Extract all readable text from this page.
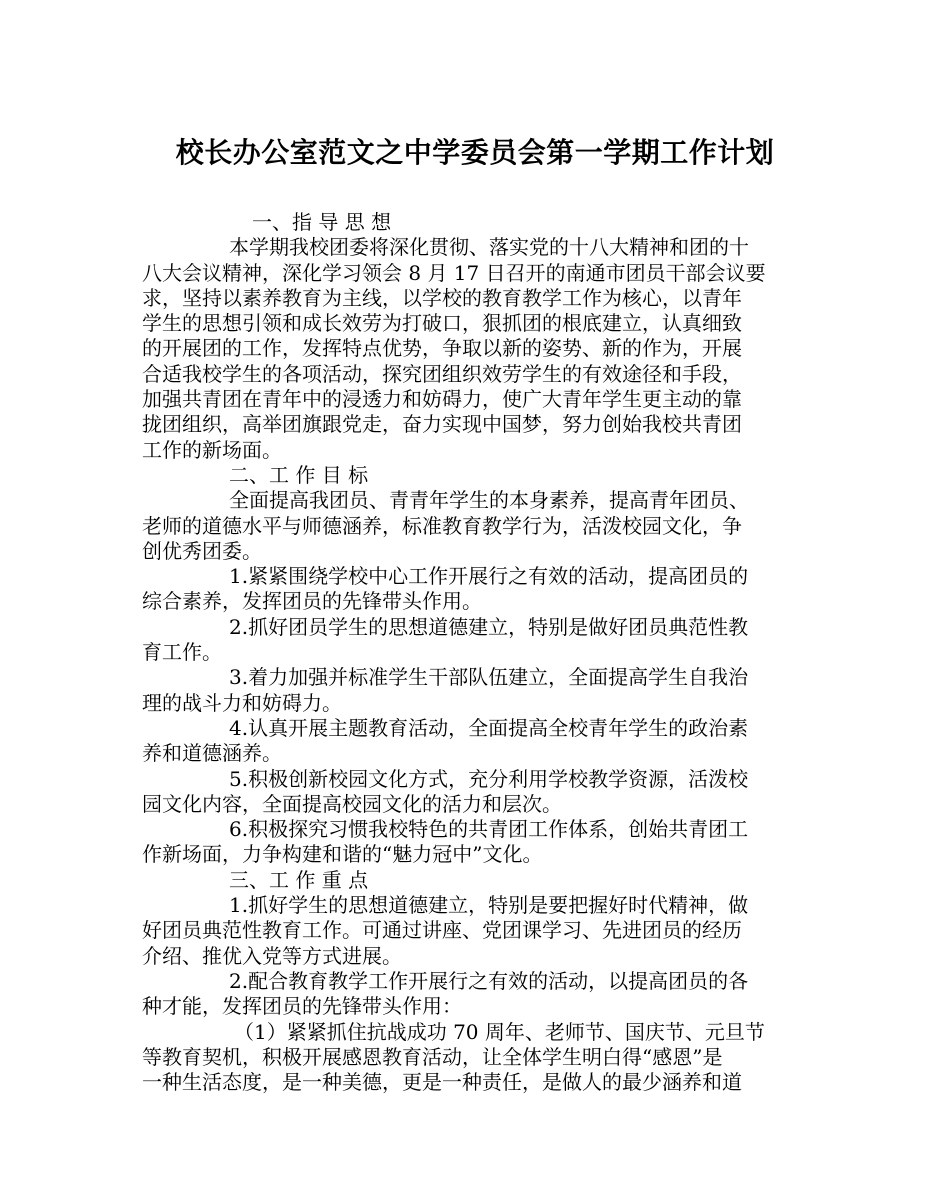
校长办公室范文之中学委员会第一学期工作计划
一、指 导 思 想
本学期我校团委将深化贯彻、落实党的十八大精神和团的十
八大会议精神，深化学习领会 8 月 17 日召开的南通市团员干部会议要
求，坚持以素养教育为主线，以学校的教育教学工作为核心，以青年
学生的思想引领和成长效劳为打破口，狠抓团的根底建立，认真细致
的开展团的工作，发挥特点优势，争取以新的姿势、新的作为，开展
合适我校学生的各项活动，探究团组织效劳学生的有效途径和手段，
加强共青团在青年中的浸透力和妨碍力，使广大青年学生更主动的靠
拢团组织，高举团旗跟党走，奋力实现中国梦，努力创始我校共青团
工作的新场面。
二、工 作 目 标
全面提高我团员、青青年学生的本身素养，提高青年团员、
老师的道德水平与师德涵养，标准教育教学行为，活泼校园文化，争
创优秀团委。
1.紧紧围绕学校中心工作开展行之有效的活动，提高团员的
综合素养，发挥团员的先锋带头作用。
2.抓好团员学生的思想道德建立，特别是做好团员典范性教
育工作。
3.着力加强并标准学生干部队伍建立，全面提高学生自我治
理的战斗力和妨碍力。
4.认真开展主题教育活动，全面提高全校青年学生的政治素
养和道德涵养。
5.积极创新校园文化方式，充分利用学校教学资源，活泼校
园文化内容，全面提高校园文化的活力和层次。
6.积极探究习惯我校特色的共青团工作体系，创始共青团工
作新场面，力争构建和谐的“魅力冠中”文化。
三、工 作 重 点
1.抓好学生的思想道德建立，特别是要把握好时代精神，做
好团员典范性教育工作。可通过讲座、党团课学习、先进团员的经历
介绍、推优入党等方式进展。
2.配合教育教学工作开展行之有效的活动，以提高团员的各
种才能，发挥团员的先锋带头作用：
（1）紧紧抓住抗战成功 70 周年、老师节、国庆节、元旦节
等教育契机，积极开展感恩教育活动，让全体学生明白得“感恩”是
一种生活态度，是一种美德，更是一种责任，是做人的最少涵养和道
